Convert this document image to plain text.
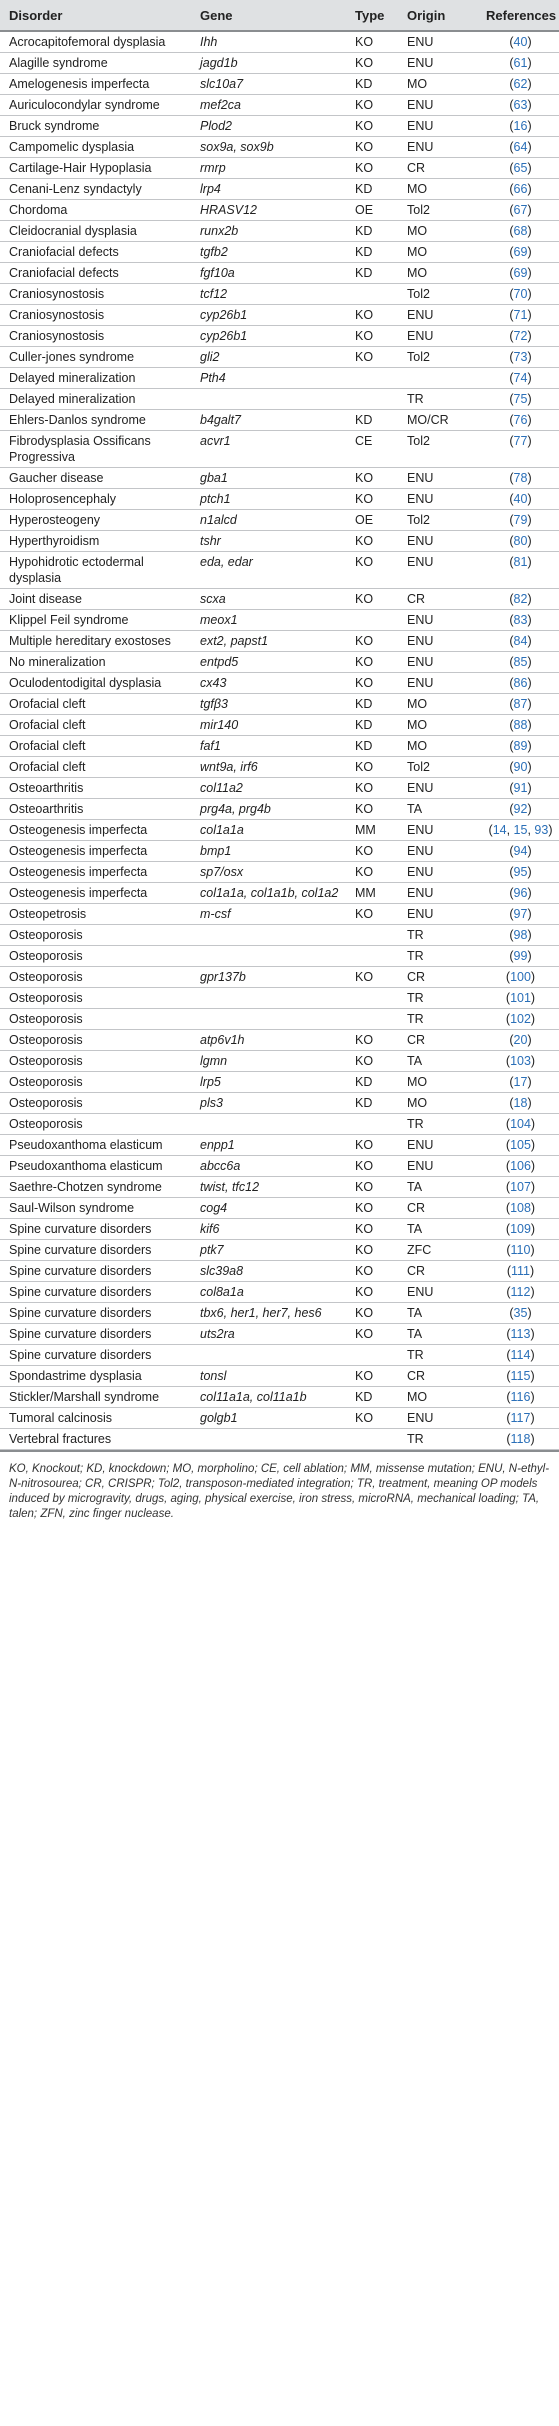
Disorder	Gene	Type	Origin	References
Acrocapitofemoral dysplasia	Ihh	KO	ENU	(40)
Alagille syndrome	jagd1b	KO	ENU	(61)
Amelogenesis imperfecta	slc10a7	KD	MO	(62)
Auriculocondylar syndrome	mef2ca	KO	ENU	(63)
Bruck syndrome	Plod2	KO	ENU	(16)
Campomelic dysplasia	sox9a, sox9b	KO	ENU	(64)
Cartilage-Hair Hypoplasia	rmrp	KO	CR	(65)
Cenani-Lenz syndactyly	lrp4	KD	MO	(66)
Chordoma	HRASV12	OE	Tol2	(67)
Cleidocranial dysplasia	runx2b	KD	MO	(68)
Craniofacial defects	tgfb2	KD	MO	(69)
Craniofacial defects	fgf10a	KD	MO	(69)
Craniosynostosis	tcf12		Tol2	(70)
Craniosynostosis	cyp26b1	KO	ENU	(71)
Craniosynostosis	cyp26b1	KO	ENU	(72)
Culler-jones syndrome	gli2	KO	Tol2	(73)
Delayed mineralization	Pth4			(74)
Delayed mineralization			TR	(75)
Ehlers-Danlos syndrome	b4galt7	KD	MO/CR	(76)
Fibrodysplasia Ossificans Progressiva	acvr1	CE	Tol2	(77)
Gaucher disease	gba1	KO	ENU	(78)
Holoprosencephaly	ptch1	KO	ENU	(40)
Hyperosteogeny	n1alcd	OE	Tol2	(79)
Hyperthyroidism	tshr	KO	ENU	(80)
Hypohidrotic ectodermal dysplasia	eda, edar	KO	ENU	(81)
Joint disease	scxa	KO	CR	(82)
Klippel Feil syndrome	meox1		ENU	(83)
Multiple hereditary exostoses	ext2, papst1	KO	ENU	(84)
No mineralization	entpd5	KO	ENU	(85)
Oculodentodigital dysplasia	cx43	KO	ENU	(86)
Orofacial cleft	tgfβ3	KD	MO	(87)
Orofacial cleft	mir140	KD	MO	(88)
Orofacial cleft	faf1	KD	MO	(89)
Orofacial cleft	wnt9a, irf6	KO	Tol2	(90)
Osteoarthritis	col11a2	KO	ENU	(91)
Osteoarthritis	prg4a, prg4b	KO	TA	(92)
Osteogenesis imperfecta	col1a1a	MM	ENU	(14, 15, 93)
Osteogenesis imperfecta	bmp1	KO	ENU	(94)
Osteogenesis imperfecta	sp7/osx	KO	ENU	(95)
Osteogenesis imperfecta	col1a1a, col1a1b, col1a2	MM	ENU	(96)
Osteopetrosis	m-csf	KO	ENU	(97)
Osteoporosis			TR	(98)
Osteoporosis			TR	(99)
Osteoporosis	gpr137b	KO	CR	(100)
Osteoporosis			TR	(101)
Osteoporosis			TR	(102)
Osteoporosis	atp6v1h	KO	CR	(20)
Osteoporosis	lgmn	KO	TA	(103)
Osteoporosis	lrp5	KD	MO	(17)
Osteoporosis	pls3	KD	MO	(18)
Osteoporosis			TR	(104)
Pseudoxanthoma elasticum	enpp1	KO	ENU	(105)
Pseudoxanthoma elasticum	abcc6a	KO	ENU	(106)
Saethre-Chotzen syndrome	twist, tfc12	KO	TA	(107)
Saul-Wilson syndrome	cog4	KO	CR	(108)
Spine curvature disorders	kif6	KO	TA	(109)
Spine curvature disorders	ptk7	KO	ZFC	(110)
Spine curvature disorders	slc39a8	KO	CR	(111)
Spine curvature disorders	col8a1a	KO	ENU	(112)
Spine curvature disorders	tbx6, her1, her7, hes6	KO	TA	(35)
Spine curvature disorders	uts2ra	KO	TA	(113)
Spine curvature disorders			TR	(114)
Spondastrime dysplasia	tonsl	KO	CR	(115)
Stickler/Marshall syndrome	col11a1a, col11a1b	KD	MO	(116)
Tumoral calcinosis	golgb1	KO	ENU	(117)
Vertebral fractures			TR	(118)
KO, Knockout; KD, knockdown; MO, morpholino; CE, cell ablation; MM, missense mutation; ENU, N-ethyl-N-nitrosourea; CR, CRISPR; Tol2, transposon-mediated integration; TR, treatment, meaning OP models induced by microgravity, drugs, aging, physical exercise, iron stress, microRNA, mechanical loading; TA, talen; ZFN, zinc finger nuclease.
